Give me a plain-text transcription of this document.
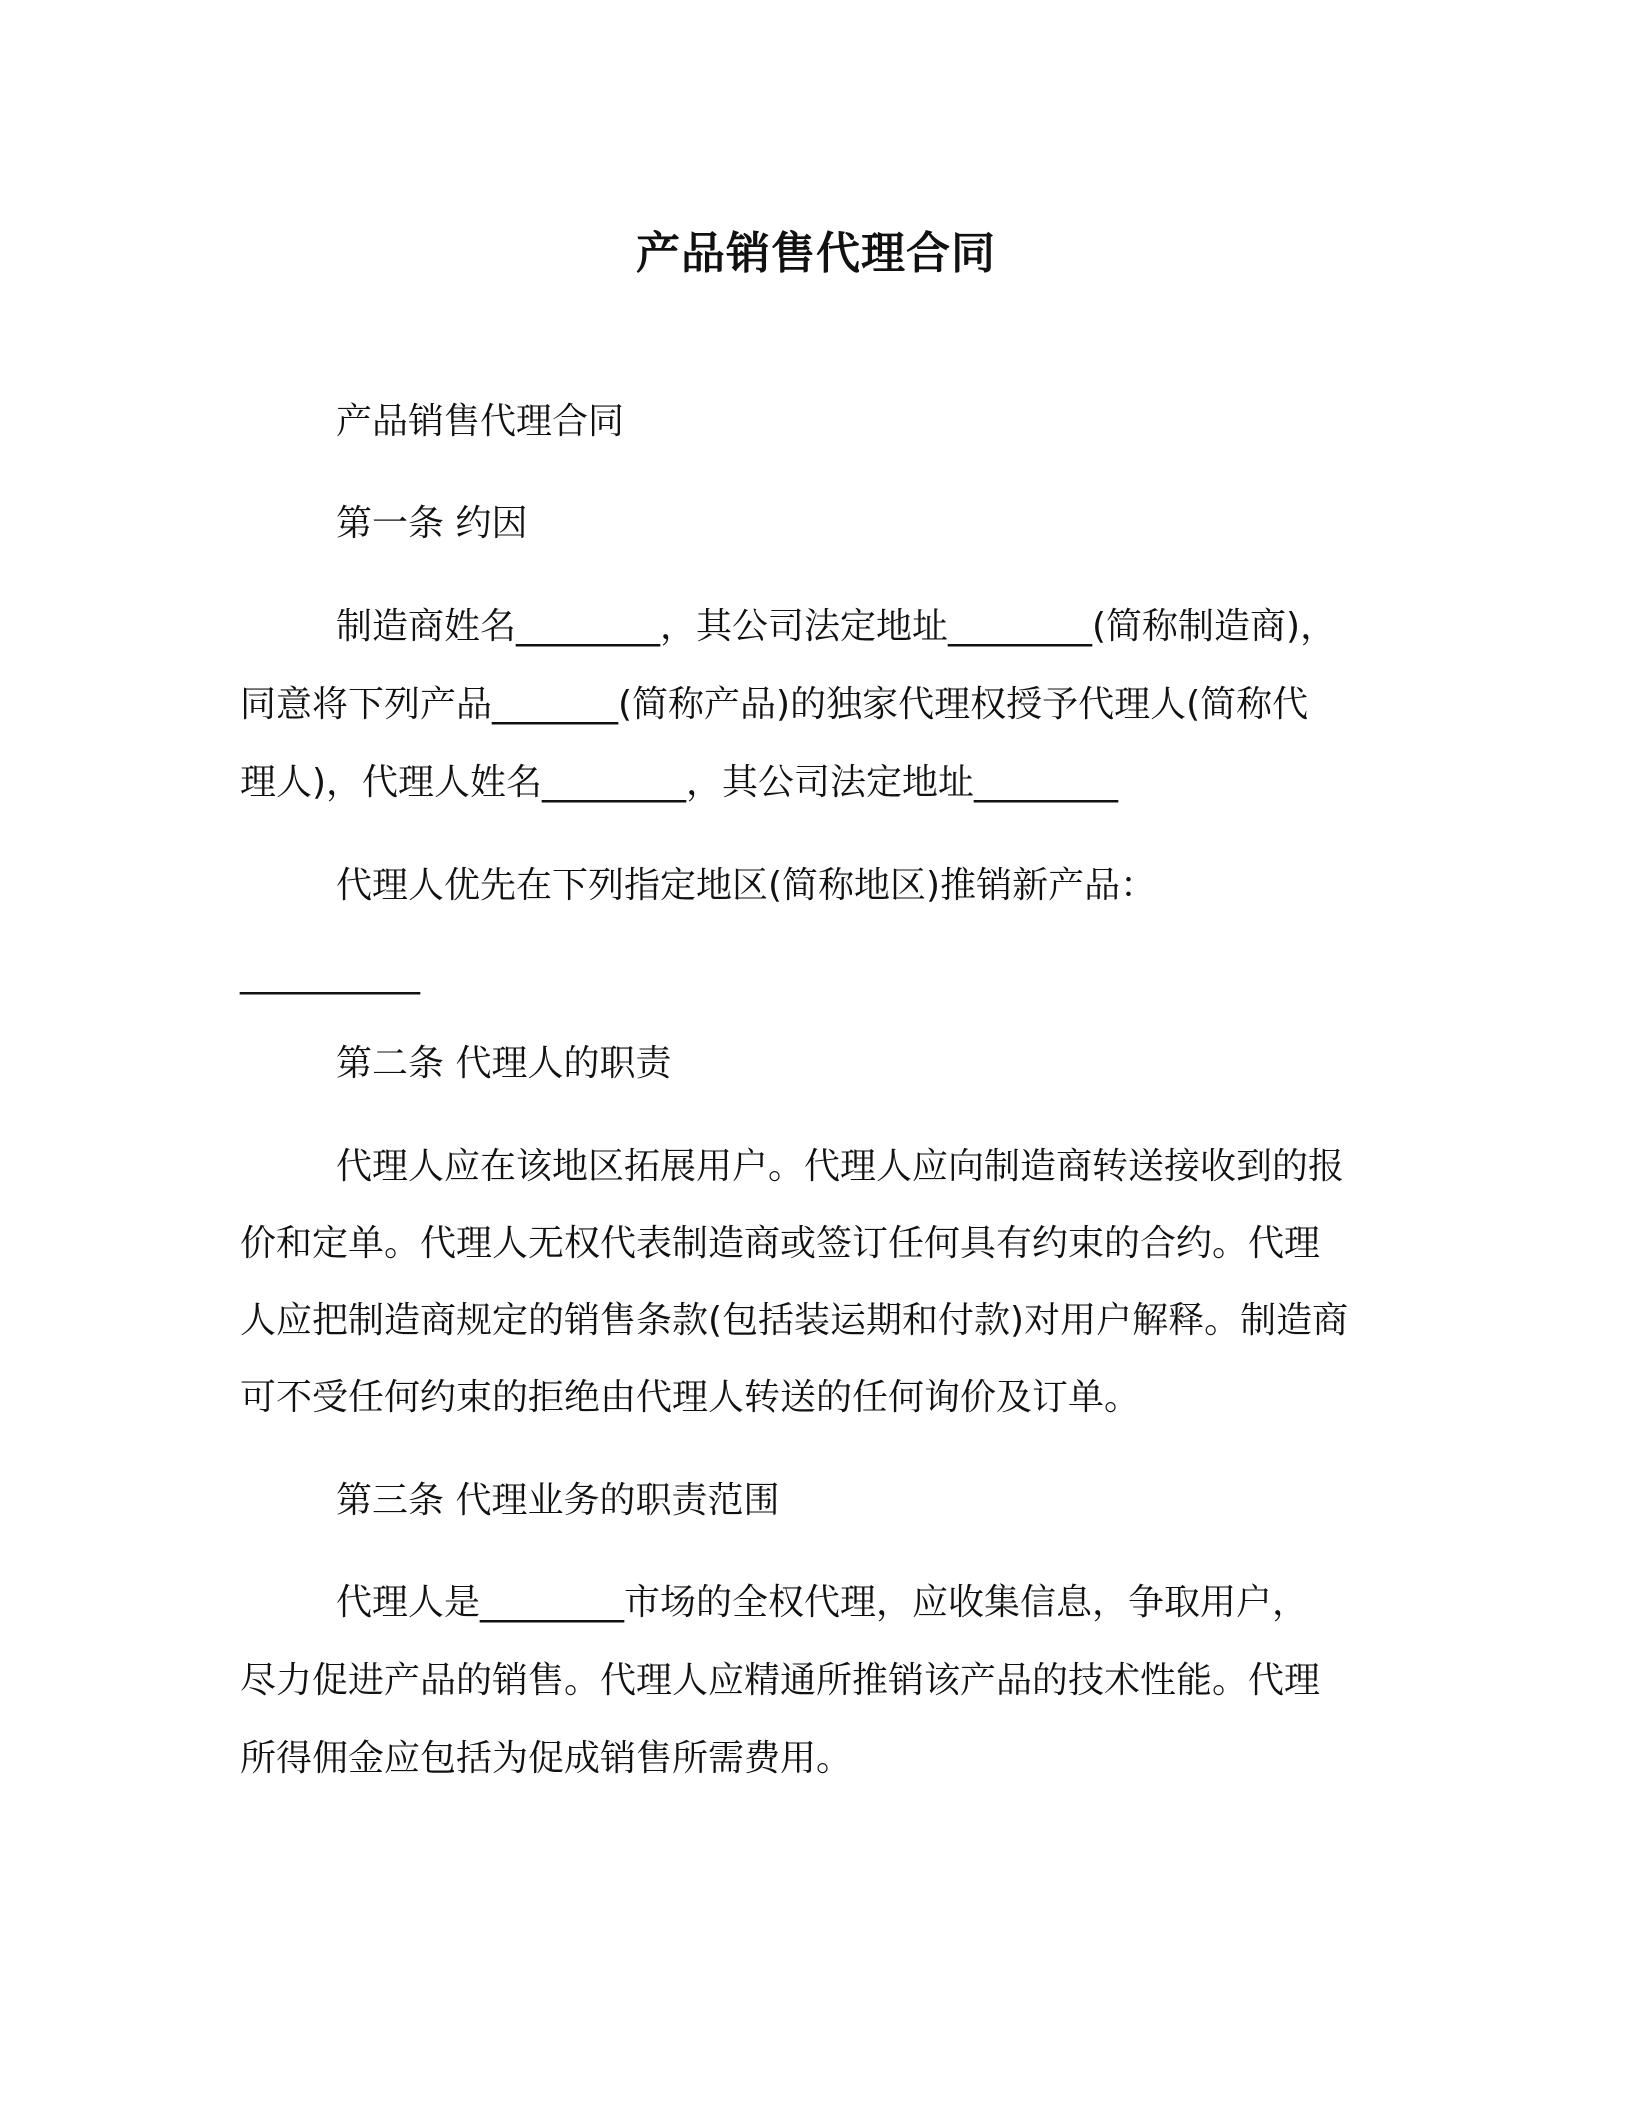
产品销售代理合同
产品销售代理合同
第一条 约因
制造商姓名________，其公司法定地址________(简称制造商)，
同意将下列产品_______(简称产品)的独家代理权授予代理人(简称代
理人)，代理人姓名________，其公司法定地址________
代理人优先在下列指定地区(简称地区)推销新产品：
__________
第二条 代理人的职责
代理人应在该地区拓展用户。代理人应向制造商转送接收到的报
价和定单。代理人无权代表制造商或签订任何具有约束的合约。代理
人应把制造商规定的销售条款(包括装运期和付款)对用户解释。制造商
可不受任何约束的拒绝由代理人转送的任何询价及订单。
第三条 代理业务的职责范围
代理人是________市场的全权代理，应收集信息，争取用户，
尽力促进产品的销售。代理人应精通所推销该产品的技术性能。代理
所得佣金应包括为促成销售所需费用。
